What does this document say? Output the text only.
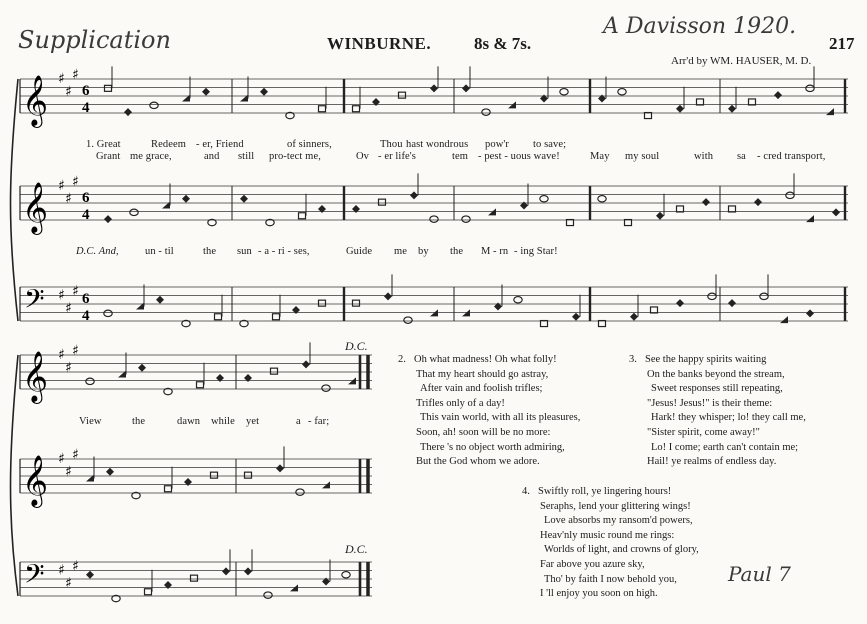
Supplication	WINBURNE.	8s & 7s.
A Davisson 1920.
217
Arr'd by WM. HAUSER, M. D.
𝄞 ♯
♯
♯
6
4
𝄞 ♯
♯
♯
6
4
𝄢 ♯
♯
♯ 6
4
𝄞 ♯
♯
♯
𝄞 ♯
♯
♯
𝄢 ♯
♯
♯
1. Great	Redeem - er, Friend	of sinners,	Thou hast wondrous pow'r to save;
Grant me grace,	and still pro-tect me,	Ov - er life's	tem - pest - uous wave!	May my soul	with sa - cred transport,
D.C. And,	un - til	the sun - a - ri - ses,	Guide me by the M - rn - ing Star!
D.C.
D.C.
View	the	dawn while yet	a - far;
2. Oh what madness! Oh what folly!
That my heart should go astray,
After vain and foolish trifles;
Trifles only of a day!
This vain world, with all its pleasures,
Soon, ah! soon will be no more:
There 's no object worth admiring,
But the God whom we adore.
3. See the happy spirits waiting
On the banks beyond the stream,
Sweet responses still repeating,
"Jesus! Jesus!" is their theme:
Hark! they whisper; lo! they call me,
"Sister spirit, come away!"
Lo! I come; earth can't contain me;
Hail! ye realms of endless day.
4. Swiftly roll, ye lingering hours!
Seraphs, lend your glittering wings!
Love absorbs my ransom'd powers,
Heav'nly music round me rings:
Worlds of light, and crowns of glory,
Far above you azure sky,
Tho' by faith I now behold you,
I 'll enjoy you soon on high.
Paul 7
